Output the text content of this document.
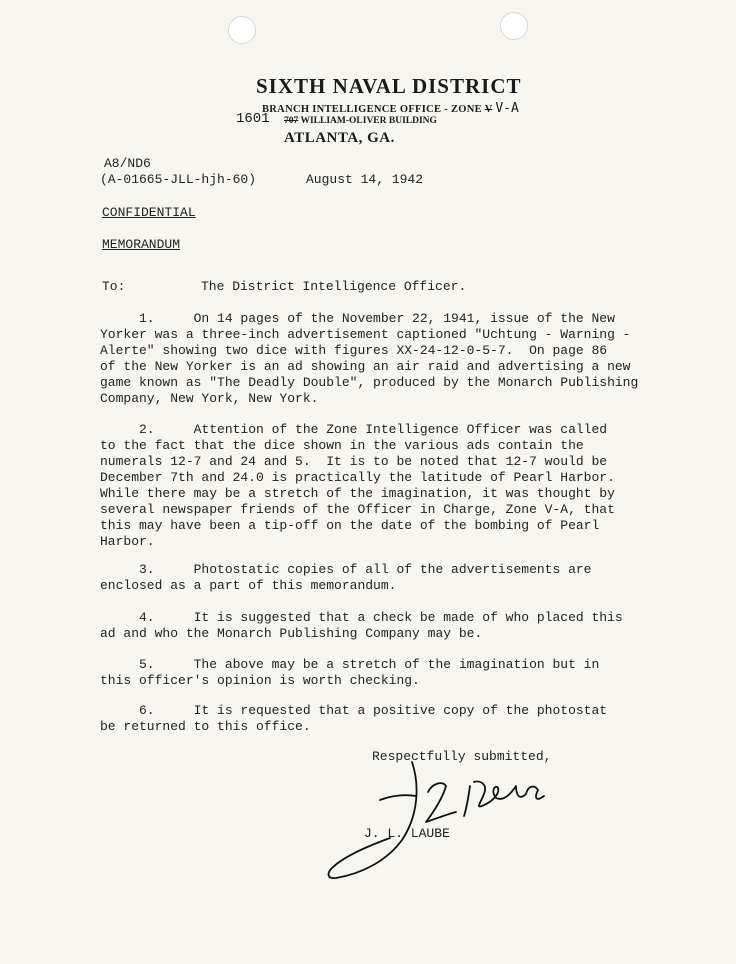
SIXTH NAVAL DISTRICT
BRANCH INTELLIGENCE OFFICE - ZONE V V-A
1601 707 WILLIAM-OLIVER BUILDING
ATLANTA, GA.
A8/ND6
(A-01665-JLL-hjh-60)	August 14, 1942
CONFIDENTIAL
MEMORANDUM
To:	The District Intelligence Officer.
1.     On 14 pages of the November 22, 1941, issue of the New
Yorker was a three-inch advertisement captioned "Uchtung - Warning -
Alerte" showing two dice with figures XX-24-12-0-5-7.  On page 86
of the New Yorker is an ad showing an air raid and advertising a new
game known as "The Deadly Double", produced by the Monarch Publishing
Company, New York, New York.
2.     Attention of the Zone Intelligence Officer was called
to the fact that the dice shown in the various ads contain the
numerals 12-7 and 24 and 5.  It is to be noted that 12-7 would be
December 7th and 24.0 is practically the latitude of Pearl Harbor.
While there may be a stretch of the imagination, it was thought by
several newspaper friends of the Officer in Charge, Zone V-A, that
this may have been a tip-off on the date of the bombing of Pearl
Harbor.
3.     Photostatic copies of all of the advertisements are
enclosed as a part of this memorandum.
4.     It is suggested that a check be made of who placed this
ad and who the Monarch Publishing Company may be.
5.     The above may be a stretch of the imagination but in
this officer's opinion is worth checking.
6.     It is requested that a positive copy of the photostat
be returned to this office.
Respectfully submitted,
J. L. LAUBE
